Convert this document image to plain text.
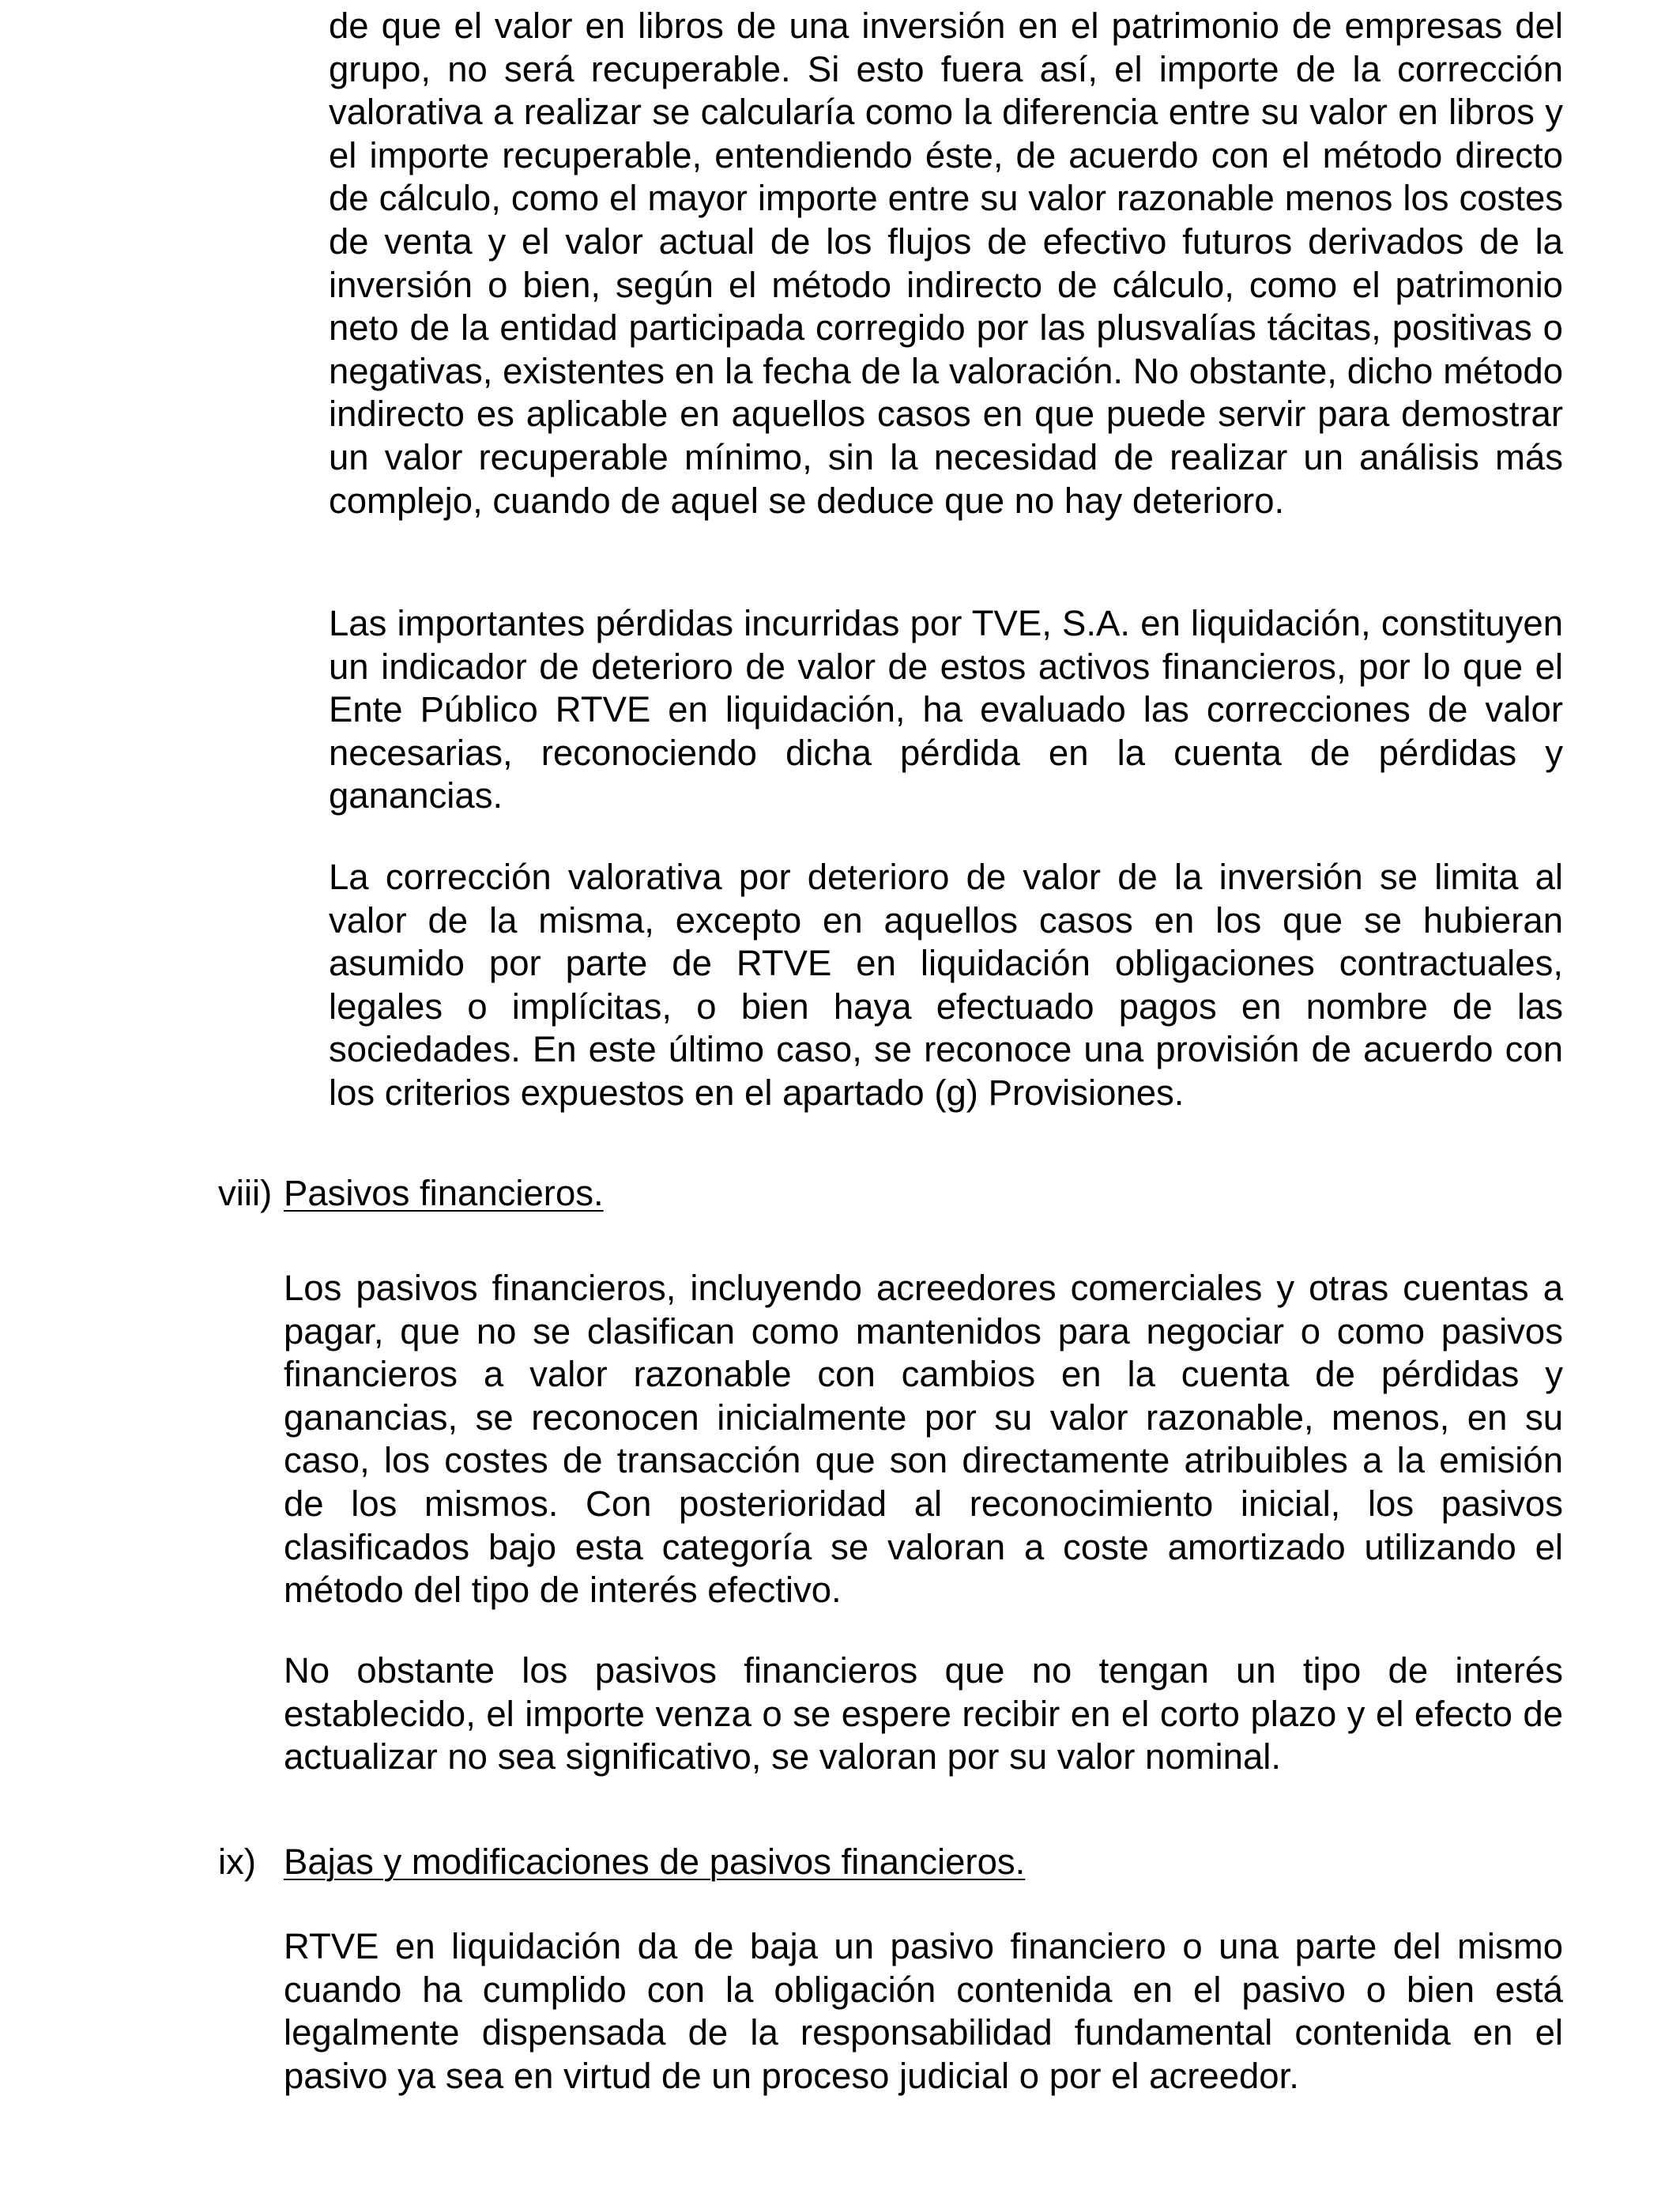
de que el valor en libros de una inversión en el patrimonio de empresas del grupo, no será recuperable. Si esto fuera así, el importe de la corrección valorativa a realizar se calcularía como la diferencia entre su valor en libros y el importe recuperable, entendiendo éste, de acuerdo con el método directo de cálculo, como el mayor importe entre su valor razonable menos los costes de venta y el valor actual de los flujos de efectivo futuros derivados de la inversión o bien, según el método indirecto de cálculo, como el patrimonio neto de la entidad participada corregido por las plusvalías tácitas, positivas o negativas, existentes en la fecha de la valoración. No obstante, dicho método indirecto es aplicable en aquellos casos en que puede servir para demostrar un valor recuperable mínimo, sin la necesidad de realizar un análisis más complejo, cuando de aquel se deduce que no hay deterioro.

Las importantes pérdidas incurridas por TVE, S.A. en liquidación, constituyen un indicador de deterioro de valor de estos activos financieros, por lo que el Ente Público RTVE en liquidación, ha evaluado las correcciones de valor necesarias, reconociendo dicha pérdida en la cuenta de pérdidas y ganancias.

La corrección valorativa por deterioro de valor de la inversión se limita al valor de la misma, excepto en aquellos casos en los que se hubieran asumido por parte de RTVE en liquidación obligaciones contractuales, legales o implícitas, o bien haya efectuado pagos en nombre de las sociedades. En este último caso, se reconoce una provisión de acuerdo con los criterios expuestos en el apartado (g) Provisiones.

viii) Pasivos financieros.

Los pasivos financieros, incluyendo acreedores comerciales y otras cuentas a pagar, que no se clasifican como mantenidos para negociar o como pasivos financieros a valor razonable con cambios en la cuenta de pérdidas y ganancias, se reconocen inicialmente por su valor razonable, menos, en su caso, los costes de transacción que son directamente atribuibles a la emisión de los mismos. Con posterioridad al reconocimiento inicial, los pasivos clasificados bajo esta categoría se valoran a coste amortizado utilizando el método del tipo de interés efectivo.

No obstante los pasivos financieros que no tengan un tipo de interés establecido, el importe venza o se espere recibir en el corto plazo y el efecto de actualizar no sea significativo, se valoran por su valor nominal.

ix) Bajas y modificaciones de pasivos financieros.

RTVE en liquidación da de baja un pasivo financiero o una parte del mismo cuando ha cumplido con la obligación contenida en el pasivo o bien está legalmente dispensada de la responsabilidad fundamental contenida en el pasivo ya sea en virtud de un proceso judicial o por el acreedor.
